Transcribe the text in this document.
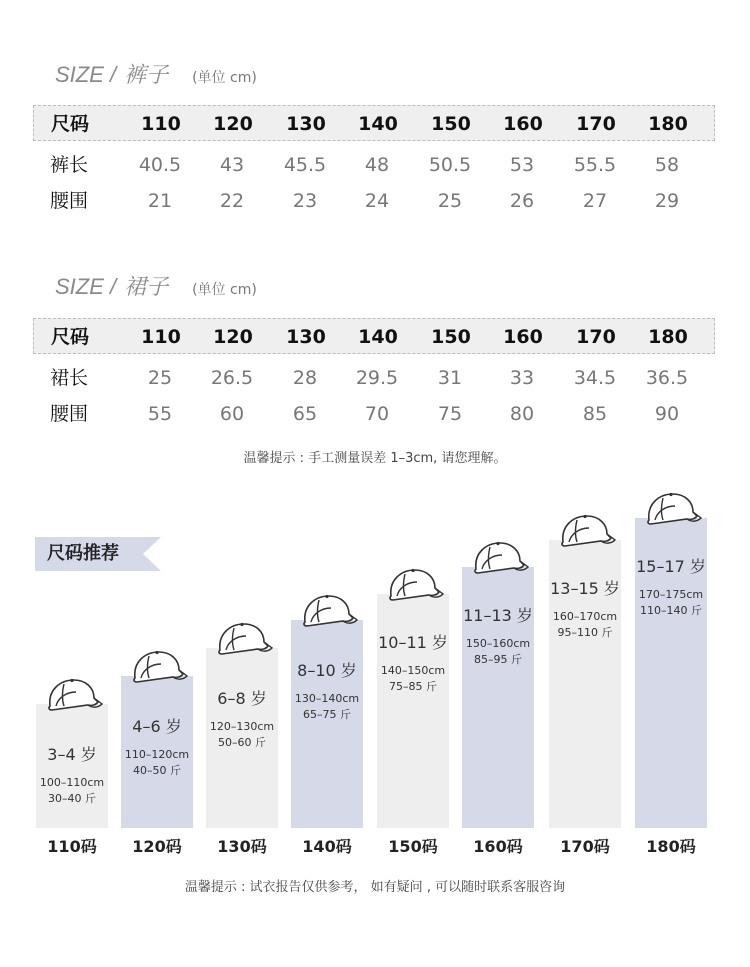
SIZE / 裤子 (单位 cm)
尺码	110	120	130	140	150	160	170	180
裤长	40.5	43	45.5	48	50.5	53	55.5	58
腰围	21	22	23	24	25	26	27	29
SIZE / 裙子 (单位 cm)
尺码	110	120	130	140	150	160	170	180
裙长	25	26.5	28	29.5	31	33	34.5	36.5
腰围	55	60	65	70	75	80	85	90
温馨提示 : 手工测量误差 1–3cm, 请您理解。
尺码推荐
3–4 岁
100–110cm
30–40 斤
110码
4–6 岁
110–120cm
40–50 斤
120码
6–8 岁
120–130cm
50–60 斤
130码
8–10 岁
130–140cm
65–75 斤
140码
10–11 岁
140–150cm
75–85 斤
150码
11–13 岁
150–160cm
85–95 斤
160码
13–15 岁
160–170cm
95–110 斤
170码
15–17 岁
170–175cm
110–140 斤
180码
温馨提示 : 试衣报告仅供参考， 如有疑问 , 可以随时联系客服咨询
